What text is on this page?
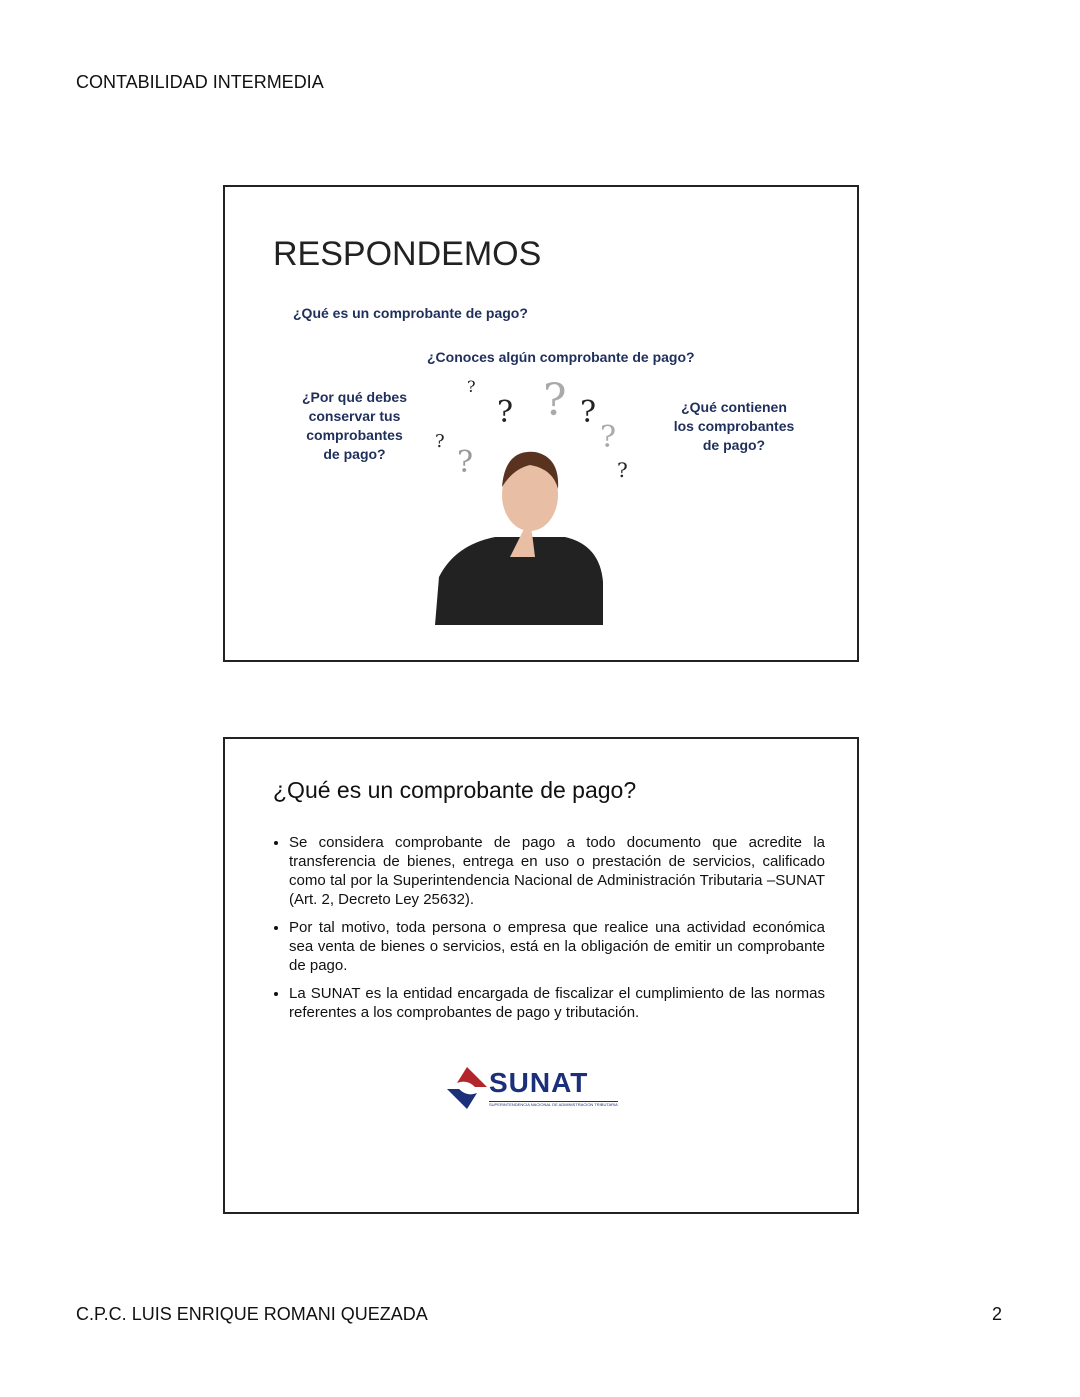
CONTABILIDAD INTERMEDIA
RESPONDEMOS
¿Qué es un comprobante de pago?
¿Conoces algún comprobante de pago?
¿Por qué debes conservar tus comprobantes de pago?
¿Qué contienen los comprobantes de pago?
? ?
?
?
?
?
?
?
¿Qué es un comprobante de pago?
• Se considera comprobante de pago a todo documento que acredite la transferencia de bienes, entrega en uso o prestación de servicios, calificado como tal por la Superintendencia Nacional de Administración Tributaria –SUNAT (Art. 2, Decreto Ley 25632).
• Por tal motivo, toda persona o empresa que realice una actividad económica sea venta de bienes o servicios, está en la obligación de emitir un comprobante de pago.
• La SUNAT es la entidad encargada de fiscalizar el cumplimiento de las normas referentes a los comprobantes de pago y tributación.
SUNAT
SUPERINTENDENCIA NACIONAL DE ADMINISTRACION TRIBUTARIA
C.P.C. LUIS ENRIQUE ROMANI QUEZADA	2
